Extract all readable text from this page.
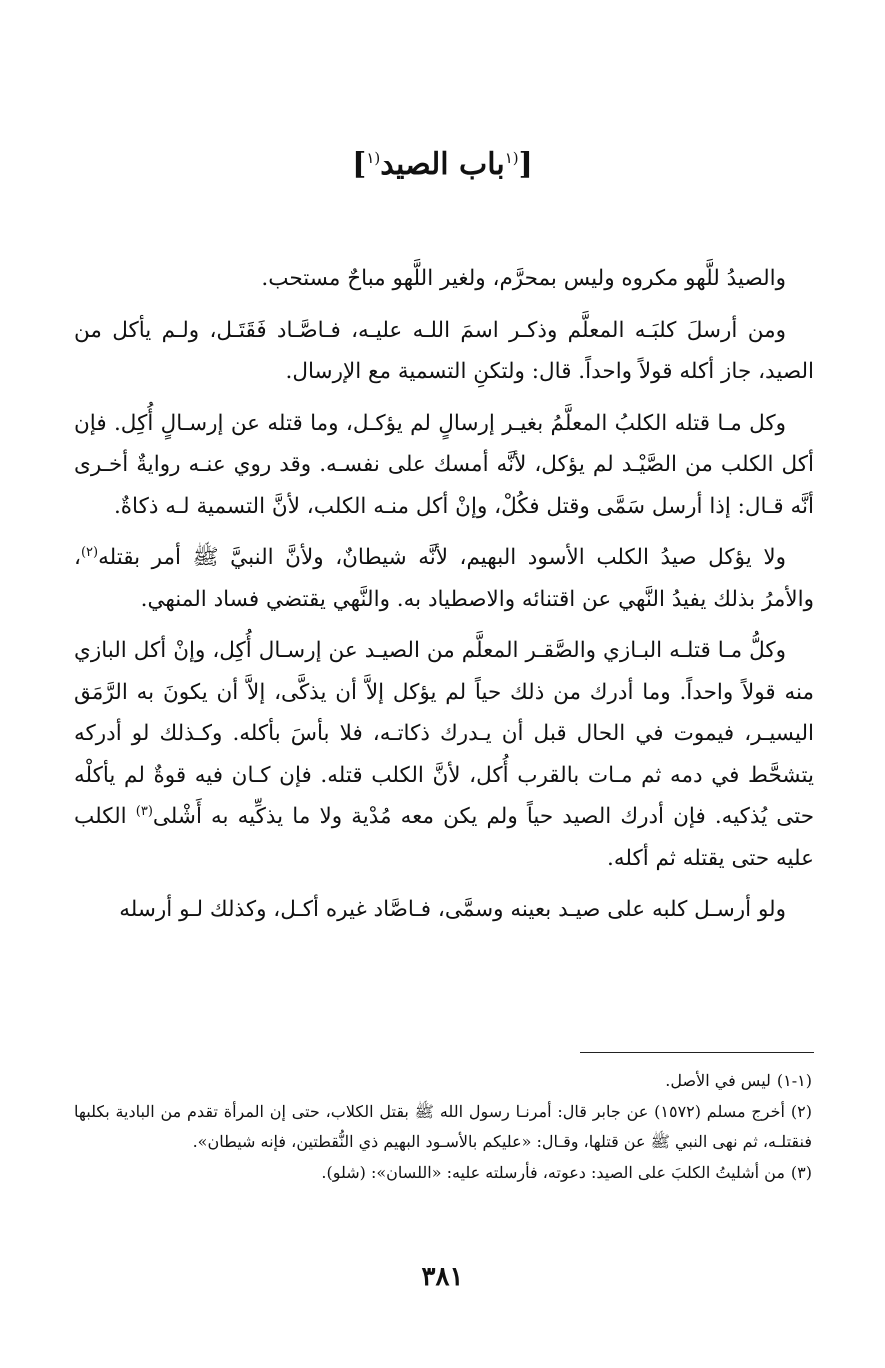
[$^{(١}$باب الصيد$^{(١}$]

والصيدُ للَّهو مكروه وليس بمحرَّم، ولغير اللَّهو مباحٌ مستحب.

ومن أرسلَ كلبَـه المعلَّم وذكـر اسمَ اللـه عليـه، فـاصَّـاد فَقَتَـل، ولـم يأكل من الصيد، جاز أكله قولاً واحداً. قال: ولتكنِ التسمية مع الإرسال.

وكل مـا قتله الكلبُ المعلَّمُ بغيـر إرسالٍ لم يؤكـل، وما قتله عن إرسـالٍ أُكِل. فإن أكل الكلب من الصَّيْـد لم يؤكل، لأنَّه أمسك على نفسـه. وقد روي عنـه روايةٌ أخـرى أنَّه قـال: إذا أرسل سَمَّى وقتل فكُلْ، وإنْ أكل منـه الكلب، لأنَّ التسمية لـه ذكاةٌ.

ولا يؤكل صيدُ الكلب الأسود البهيم، لأنَّه شيطانٌ، ولأنَّ النبيَّ ﷺ أمر بقتله$^{(٢)}$، والأمرُ بذلك يفيدُ النَّهي عن اقتنائه والاصطياد به. والنَّهي يقتضي فساد المنهي.

وكلُّ مـا قتلـه البـازي والصَّقـر المعلَّم من الصيـد عن إرسـال أُكِل، وإنْ أكل البازي منه قولاً واحداً. وما أدرك من ذلك حياً لم يؤكل إلاَّ أن يذكَّى، إلاَّ أن يكونَ به الرَّمَق اليسيـر، فيموت في الحال قبل أن يـدرك ذكاتـه، فلا بأسَ بأكله. وكـذلك لو أدركه يتشحَّط في دمه ثم مـات بالقرب أُكل، لأنَّ الكلب قتله. فإن كـان فيه قوةٌ لم يأكلْه حتى يُذكيه. فإن أدرك الصيد حياً ولم يكن معه مُدْية ولا ما يذكِّيه به أَشْلى$^{(٣)}$ الكلب عليه حتى يقتله ثم أكله.

ولو أرسـل كلبه على صيـد بعينه وسمَّى، فـاصَّاد غيره أكـل، وكذلك لـو أرسله

(١-١)ليس في الأصل.
(٢)أخرج مسلم (١٥٧٢) عن جابر قال: أمرنـا رسول الله ﷺ بقتل الكلاب، حتى إن المرأة تقدم من البادية بكلبها فنقتلـه، ثم نهى النبي ﷺ عن قتلها، وقـال: «عليكم بالأسـود البهيم ذي النُّقطتين، فإنه شيطان».
(٣)من أشليتُ الكلبَ على الصيد: دعوته، فأرسلته عليه: «اللسان»: (شلو).
٣٨١
